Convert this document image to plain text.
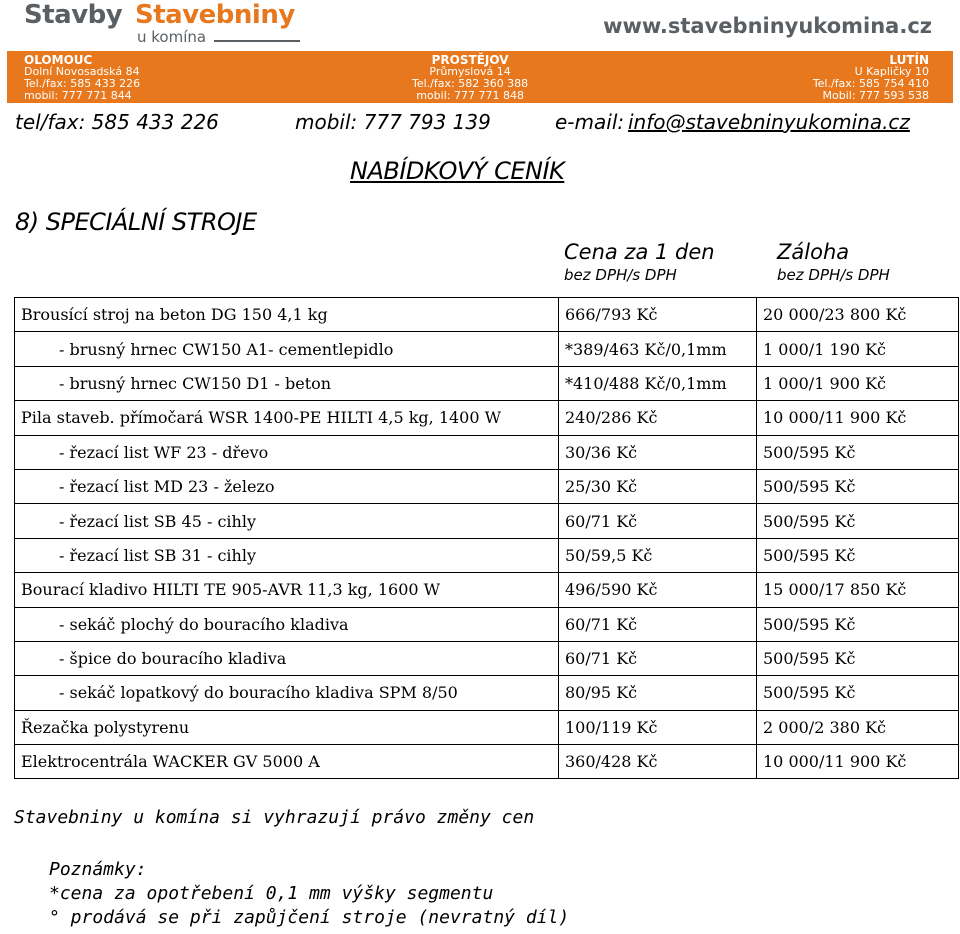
Stavby Stavebniny
u komína	www.stavebninyukomina.cz
OLOMOUC
Dolní Novosadská 84
Tel./fax: 585 433 226
mobil: 777 771 844
PROSTĚJOV
Průmyslová 14
Tel./fax: 582 360 388
mobil: 777 771 848
LUTÍN
U Kapličky 10
Tel./fax: 585 754 410
Mobil: 777 593 538
tel/fax: 585 433 226	mobil: 777 793 139	e-mail: info@stavebninyukomina.cz
NABÍDKOVÝ CENÍK
8) SPECIÁLNÍ STROJE
Cena za 1 den
bez DPH/s DPH
Záloha
bez DPH/s DPH
Brousící stroj na beton DG 150 4,1 kg	666/793 Kč	20 000/23 800 Kč
- brusný hrnec CW150 A1- cementlepidlo	*389/463 Kč/0,1mm	1 000/1 190 Kč
- brusný hrnec CW150 D1 - beton	*410/488 Kč/0,1mm	1 000/1 900 Kč
Pila staveb. přímočará WSR 1400-PE HILTI 4,5 kg, 1400 W	240/286 Kč	10 000/11 900 Kč
- řezací list WF 23 - dřevo	30/36 Kč	500/595 Kč
- řezací list MD 23 - železo	25/30 Kč	500/595 Kč
- řezací list SB 45 - cihly	60/71 Kč	500/595 Kč
- řezací list SB 31 - cihly	50/59,5 Kč	500/595 Kč
Bourací kladivo HILTI TE 905-AVR 11,3 kg, 1600 W	496/590 Kč	15 000/17 850 Kč
- sekáč plochý do bouracího kladiva	60/71 Kč	500/595 Kč
- špice do bouracího kladiva	60/71 Kč	500/595 Kč
- sekáč lopatkový do bouracího kladiva SPM 8/50	80/95 Kč	500/595 Kč
Řezačka polystyrenu	100/119 Kč	2 000/2 380 Kč
Elektrocentrála WACKER GV 5000 A	360/428 Kč	10 000/11 900 Kč
Stavebniny u komína si vyhrazují právo změny cen
Poznámky:
*cena za opotřebení 0,1 mm výšky segmentu
° prodává se při zapůjčení stroje (nevratný díl)
